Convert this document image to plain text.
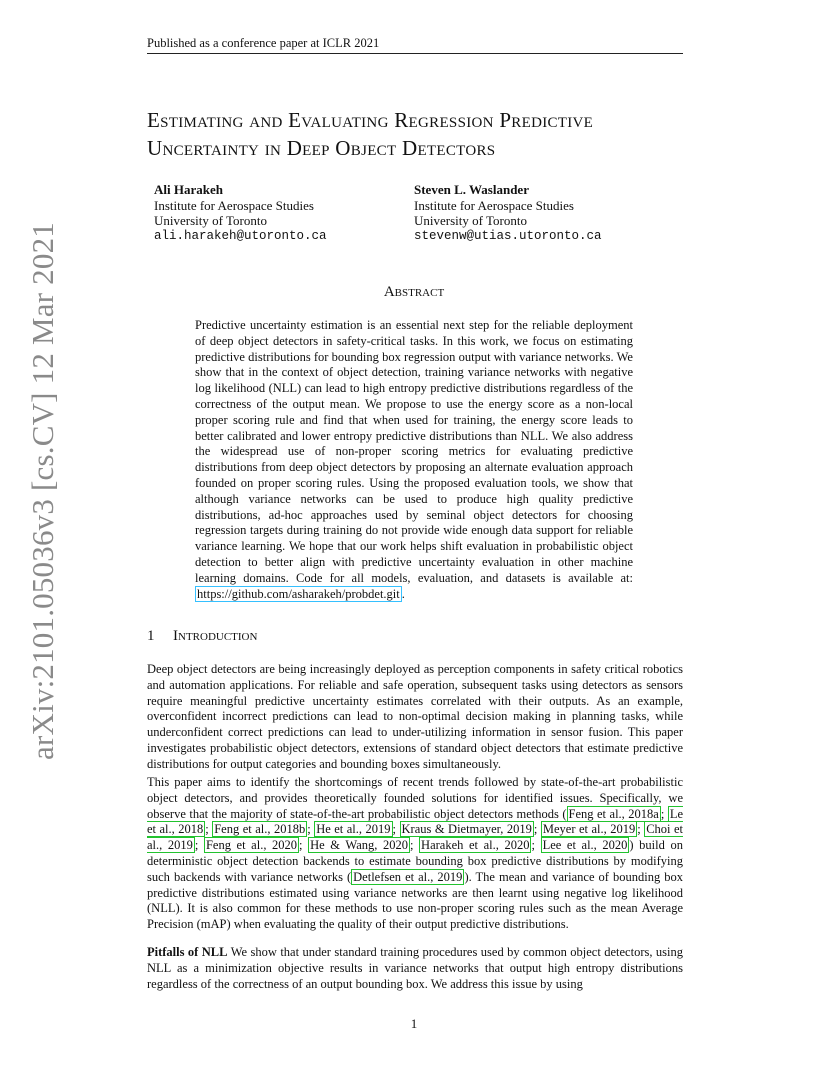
Published as a conference paper at ICLR 2021
arXiv:2101.05036v3 [cs.CV] 12 Mar 2021
Estimating and Evaluating Regression Predictive Uncertainty in Deep Object Detectors
Ali Harakeh
Institute for Aerospace Studies
University of Toronto
ali.harakeh@utoronto.ca
Steven L. Waslander
Institute for Aerospace Studies
University of Toronto
stevenw@utias.utoronto.ca
Abstract
Predictive uncertainty estimation is an essential next step for the reliable deployment of deep object detectors in safety-critical tasks. In this work, we focus on estimating predictive distributions for bounding box regression output with variance networks. We show that in the context of object detection, training variance networks with negative log likelihood (NLL) can lead to high entropy predictive distributions regardless of the correctness of the output mean. We propose to use the energy score as a non-local proper scoring rule and find that when used for training, the energy score leads to better calibrated and lower entropy predictive distributions than NLL. We also address the widespread use of non-proper scoring metrics for evaluating predictive distributions from deep object detectors by proposing an alternate evaluation approach founded on proper scoring rules. Using the proposed evaluation tools, we show that although variance networks can be used to produce high quality predictive distributions, ad-hoc approaches used by seminal object detectors for choosing regression targets during training do not provide wide enough data support for reliable variance learning. We hope that our work helps shift evaluation in probabilistic object detection to better align with predictive uncertainty evaluation in other machine learning domains. Code for all models, evaluation, and datasets is available at: https://github.com/asharakeh/probdet.git .
1 Introduction
Deep object detectors are being increasingly deployed as perception components in safety critical robotics and automation applications. For reliable and safe operation, subsequent tasks using detectors as sensors require meaningful predictive uncertainty estimates correlated with their outputs. As an example, overconfident incorrect predictions can lead to non-optimal decision making in planning tasks, while underconfident correct predictions can lead to under-utilizing information in sensor fusion. This paper investigates probabilistic object detectors, extensions of standard object detectors that estimate predictive distributions for output categories and bounding boxes simultaneously.
This paper aims to identify the shortcomings of recent trends followed by state-of-the-art probabilistic object detectors, and provides theoretically founded solutions for identified issues. Specifically, we observe that the majority of state-of-the-art probabilistic object detectors methods ( Feng et al., 2018a ; Le et al., 2018 ; Feng et al., 2018b ; He et al., 2019 ; Kraus & Dietmayer, 2019 ; Meyer et al., 2019 ; Choi et al., 2019 ; Feng et al., 2020 ; He & Wang, 2020 ; Harakeh et al., 2020 ; Lee et al., 2020 ) build on deterministic object detection backends to estimate bounding box predictive distributions by modifying such backends with variance networks ( Detlefsen et al., 2019 ). The mean and variance of bounding box predictive distributions estimated using variance networks are then learnt using negative log likelihood (NLL). It is also common for these methods to use non-proper scoring rules such as the mean Average Precision (mAP) when evaluating the quality of their output predictive distributions.
Pitfalls of NLL We show that under standard training procedures used by common object detectors, using NLL as a minimization objective results in variance networks that output high entropy distributions regardless of the correctness of an output bounding box. We address this issue by using
1
